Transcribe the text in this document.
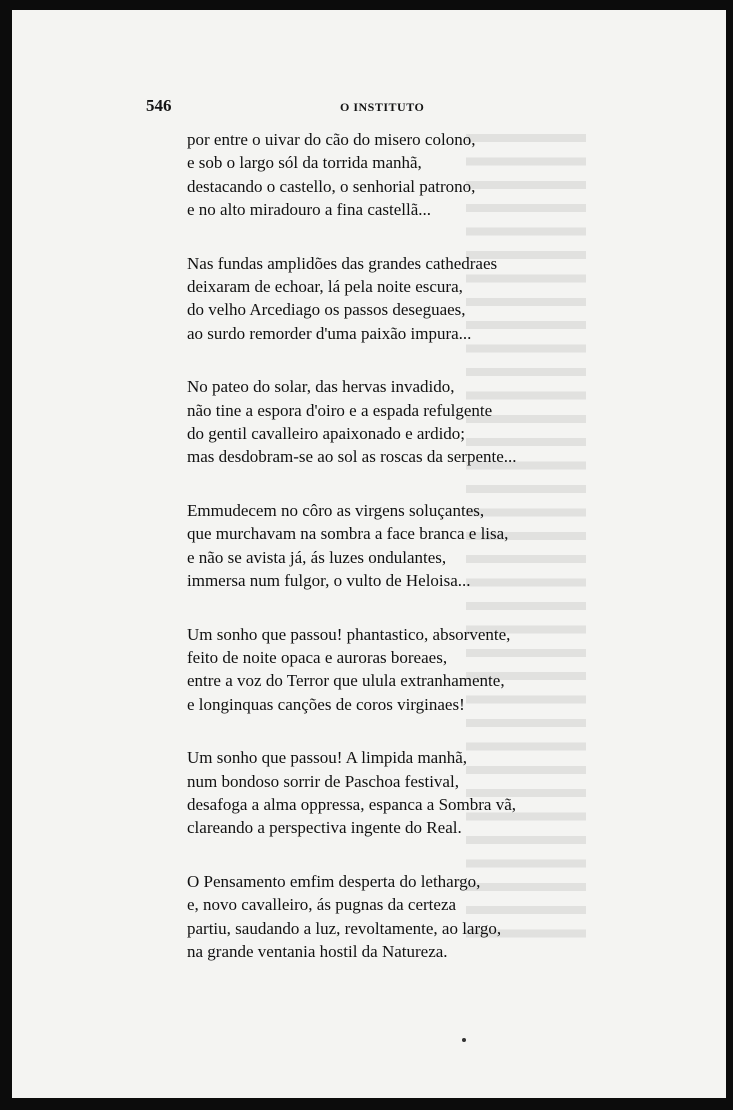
546	O INSTITUTO
por entre o uivar do cão do misero colono,
e sob o largo sól da torrida manhã,
destacando o castello, o senhorial patrono,
e no alto miradouro a fina castellã...
Nas fundas amplidões das grandes cathedraes
deixaram de echoar, lá pela noite escura,
do velho Arcediago os passos deseguaes,
ao surdo remorder d'uma paixão impura...
No pateo do solar, das hervas invadido,
não tine a espora d'oiro e a espada refulgente
do gentil cavalleiro apaixonado e ardido;
mas desdobram-se ao sol as roscas da serpente...
Emmudecem no côro as virgens soluçantes,
que murchavam na sombra a face branca e lisa,
e não se avista já, ás luzes ondulantes,
immersa num fulgor, o vulto de Heloisa...
Um sonho que passou! phantastico, absorvente,
feito de noite opaca e auroras boreaes,
entre a voz do Terror que ulula extranhamente,
e longinquas canções de coros virginaes!
Um sonho que passou! A limpida manhã,
num bondoso sorrir de Paschoa festival,
desafoga a alma oppressa, espanca a Sombra vã,
clareando a perspectiva ingente do Real.
O Pensamento emfim desperta do lethargo,
e, novo cavalleiro, ás pugnas da certeza
partiu, saudando a luz, revoltamente, ao largo,
na grande ventania hostil da Natureza.
